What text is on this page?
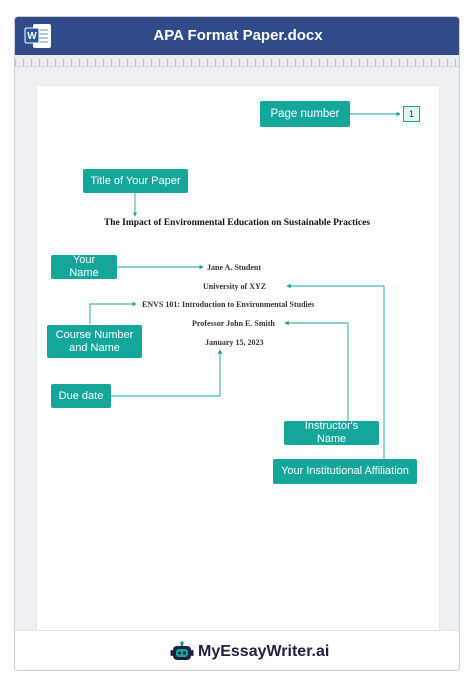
W	APA Format Paper.docx
MyEssayWriter.ai
1
The Impact of Environmental Education on Sustainable Practices
Jane A. Student
University of XYZ
ENVS 101: Introduction to Environmental Studies
Professor John E. Smith
January 15, 2023
Page number
Title of Your Paper
Your Name
Course Number and Name
Due date
Instructor's Name
Your Institutional Affiliation
